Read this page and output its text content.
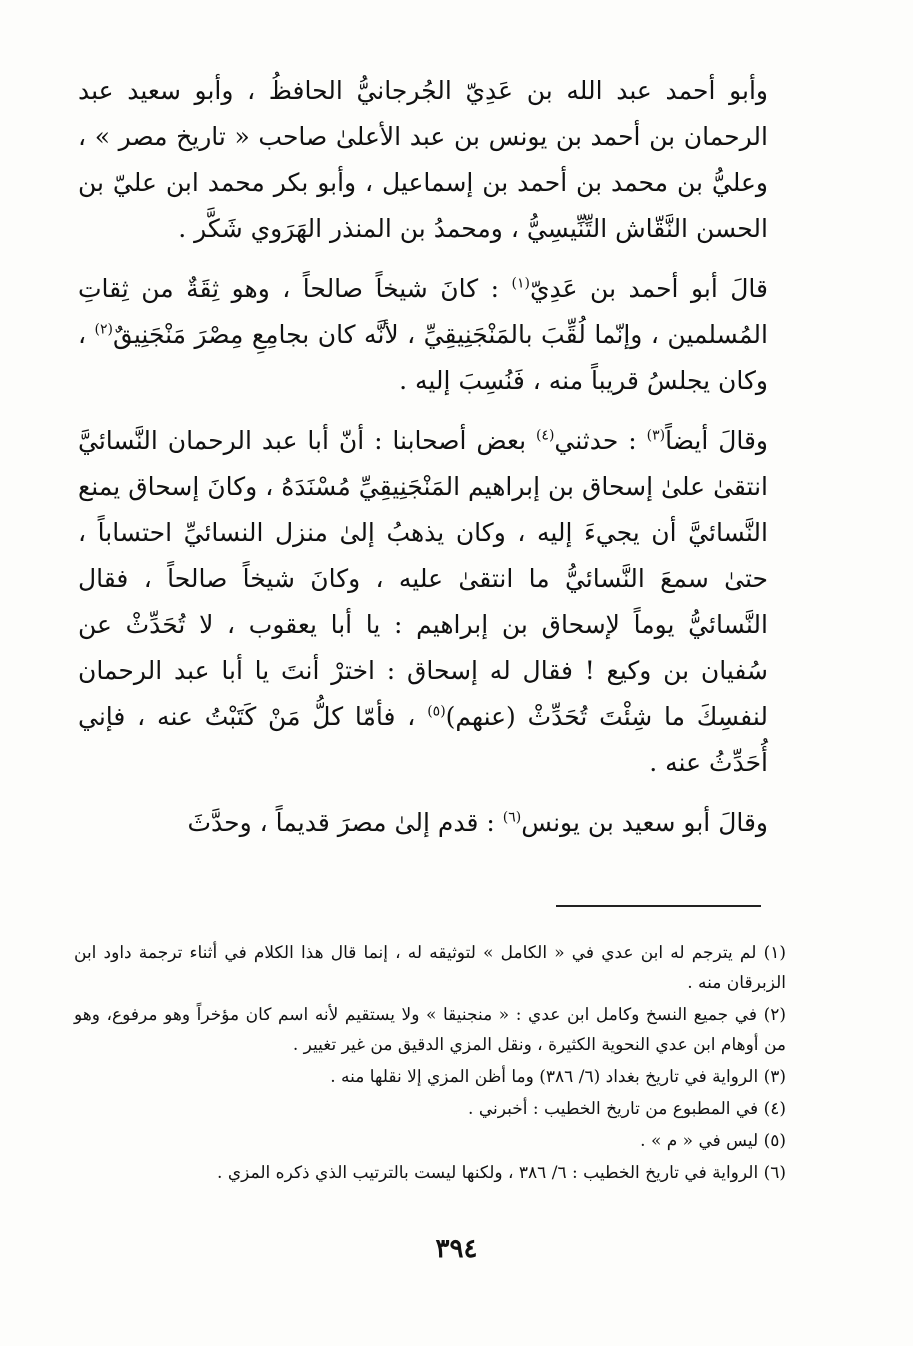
وأبو أحمد عبد الله بن عَدِيّ الجُرجانيُّ الحافظُ ، وأبو سعيد عبد الرحمان بن أحمد بن يونس بن عبد الأعلىٰ صاحب « تاريخ مصر » ، وعليُّ بن محمد بن أحمد بن إسماعيل ، وأبو بكر محمد ابن عليّ بن الحسن النَّقّاش التِّنِّيسِيُّ ، ومحمدُ بن المنذر الهَرَوي شَكَّر .

قالَ أبو أحمد بن عَدِيّ$^{(١)}$ : كانَ شيخاً صالحاً ، وهو ثِقَةٌ من ثِقاتِ المُسلمين ، وإنّما لُقِّبَ بالمَنْجَنِيقِيِّ ، لأنَّه كان بجامِعِ مِصْرَ مَنْجَنِيقٌ$^{(٢)}$ ، وكان يجلسُ قريباً منه ، فَنُسِبَ إليه .

وقالَ أيضاً$^{(٣)}$ : حدثني$^{(٤)}$ بعض أصحابنا : أنّ أبا عبد الرحمان النَّسائيَّ انتقىٰ علىٰ إسحاق بن إبراهيم المَنْجَنِيقِيِّ مُسْنَدَهُ ، وكانَ إسحاق يمنع النَّسائيَّ أن يجيءَ إليه ، وكان يذهبُ إلىٰ منزل النسائيِّ احتساباً ، حتىٰ سمعَ النَّسائيُّ ما انتقىٰ عليه ، وكانَ شيخاً صالحاً ، فقال النَّسائيُّ يوماً لإسحاق بن إبراهيم : يا أبا يعقوب ، لا تُحَدِّثْ عن سُفيان بن وكيع ! فقال له إسحاق : اخترْ أنتَ يا أبا عبد الرحمان لنفسِكَ ما شِئْتَ تُحَدِّثْ (عنهم)$^{(٥)}$ ، فأمّا كلُّ مَنْ كَتَبْتُ عنه ، فإني أُحَدِّثُ عنه .

وقالَ أبو سعيد بن يونس$^{(٦)}$ : قدم إلىٰ مصرَ قديماً ، وحدَّثَ

(١) لم يترجم له ابن عدي في « الكامل » لتوثيقه له ، إنما قال هذا الكلام في أثناء ترجمة داود ابن الزبرقان منه .

(٢) في جميع النسخ وكامل ابن عدي : « منجنيقا » ولا يستقيم لأنه اسم كان مؤخراً وهو مرفوع، وهو من أوهام ابن عدي النحوية الكثيرة ، ونقل المزي الدقيق من غير تغيير .

(٣) الرواية في تاريخ بغداد (٦/ ٣٨٦) وما أظن المزي إلا نقلها منه .

(٤) في المطبوع من تاريخ الخطيب : أخبرني .

(٥) ليس في « م » .

(٦) الرواية في تاريخ الخطيب : ٦/ ٣٨٦ ، ولكنها ليست بالترتيب الذي ذكره المزي .

٣٩٤
